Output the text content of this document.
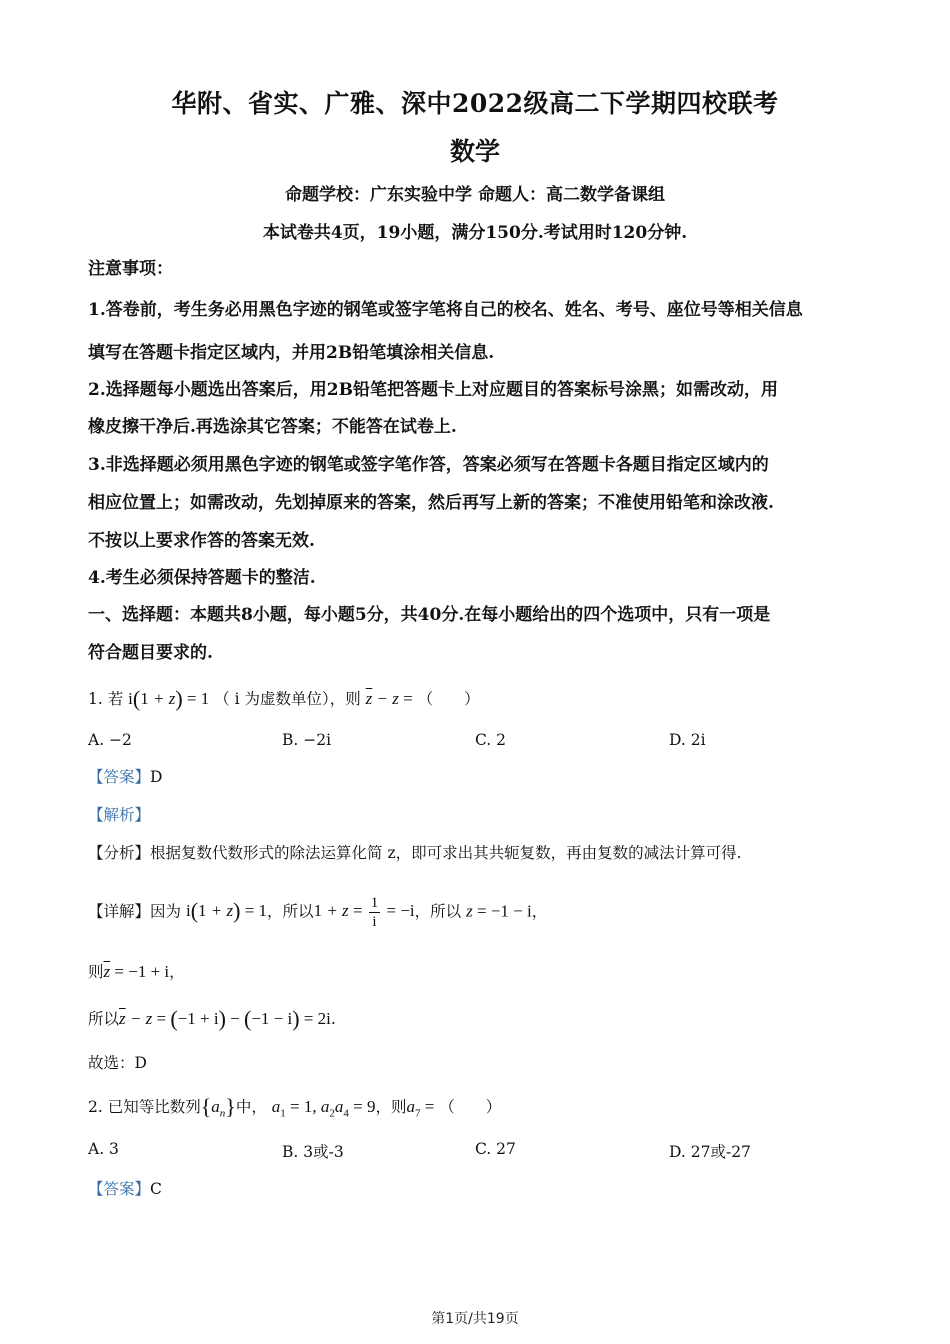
华附、省实、广雅、深中2022级高二下学期四校联考
数学
命题学校：广东实验中学 命题人：高二数学备课组
本试卷共4页，19小题，满分150分.考试用时120分钟.
注意事项：
1.答卷前，考生务必用黑色字迹的钢笔或签字笔将自己的校名、姓名、考号、座位号等相关信息
填写在答题卡指定区域内，并用2B铅笔填涂相关信息.
2.选择题每小题选出答案后，用2B铅笔把答题卡上对应题目的答案标号涂黑；如需改动，用
橡皮擦干净后.再选涂其它答案；不能答在试卷上.
3.非选择题必须用黑色字迹的钢笔或签字笔作答，答案必须写在答题卡各题目指定区域内的
相应位置上；如需改动，先划掉原来的答案，然后再写上新的答案；不准使用铅笔和涂改液.
不按以上要求作答的答案无效.
4.考生必须保持答题卡的整洁.
一、选择题：本题共8小题，每小题5分，共40分.在每小题给出的四个选项中，只有一项是
符合题目要求的.
1. 若 i(1 + z) = 1 （ i 为虚数单位），则 $\overline{z} - z$ = （　　）
A. −2	B. −2i	C. 2	D. 2i
【答案】D
【解析】
【分析】根据复数代数形式的除法运算化简 z，即可求出其共轭复数，再由复数的减法计算可得.
【详解】因为 i(1 + z) = 1，所以$1 + z = \frac{1}{i} = -i$，所以 z = −1 − i，
则$\overline{z} = -1 + i$，
所以$\overline{z} - z = (-1 + i) - (-1 - i) = 2i$.
故选：D
2. 已知等比数列$\{a_n\}$中， $a_1 = 1$, $a_2a_4 = 9$，则$a_7$ = （　　）
A. 3	B. 3或-3	C. 27	D. 27或-27
【答案】C
第1页/共19页
